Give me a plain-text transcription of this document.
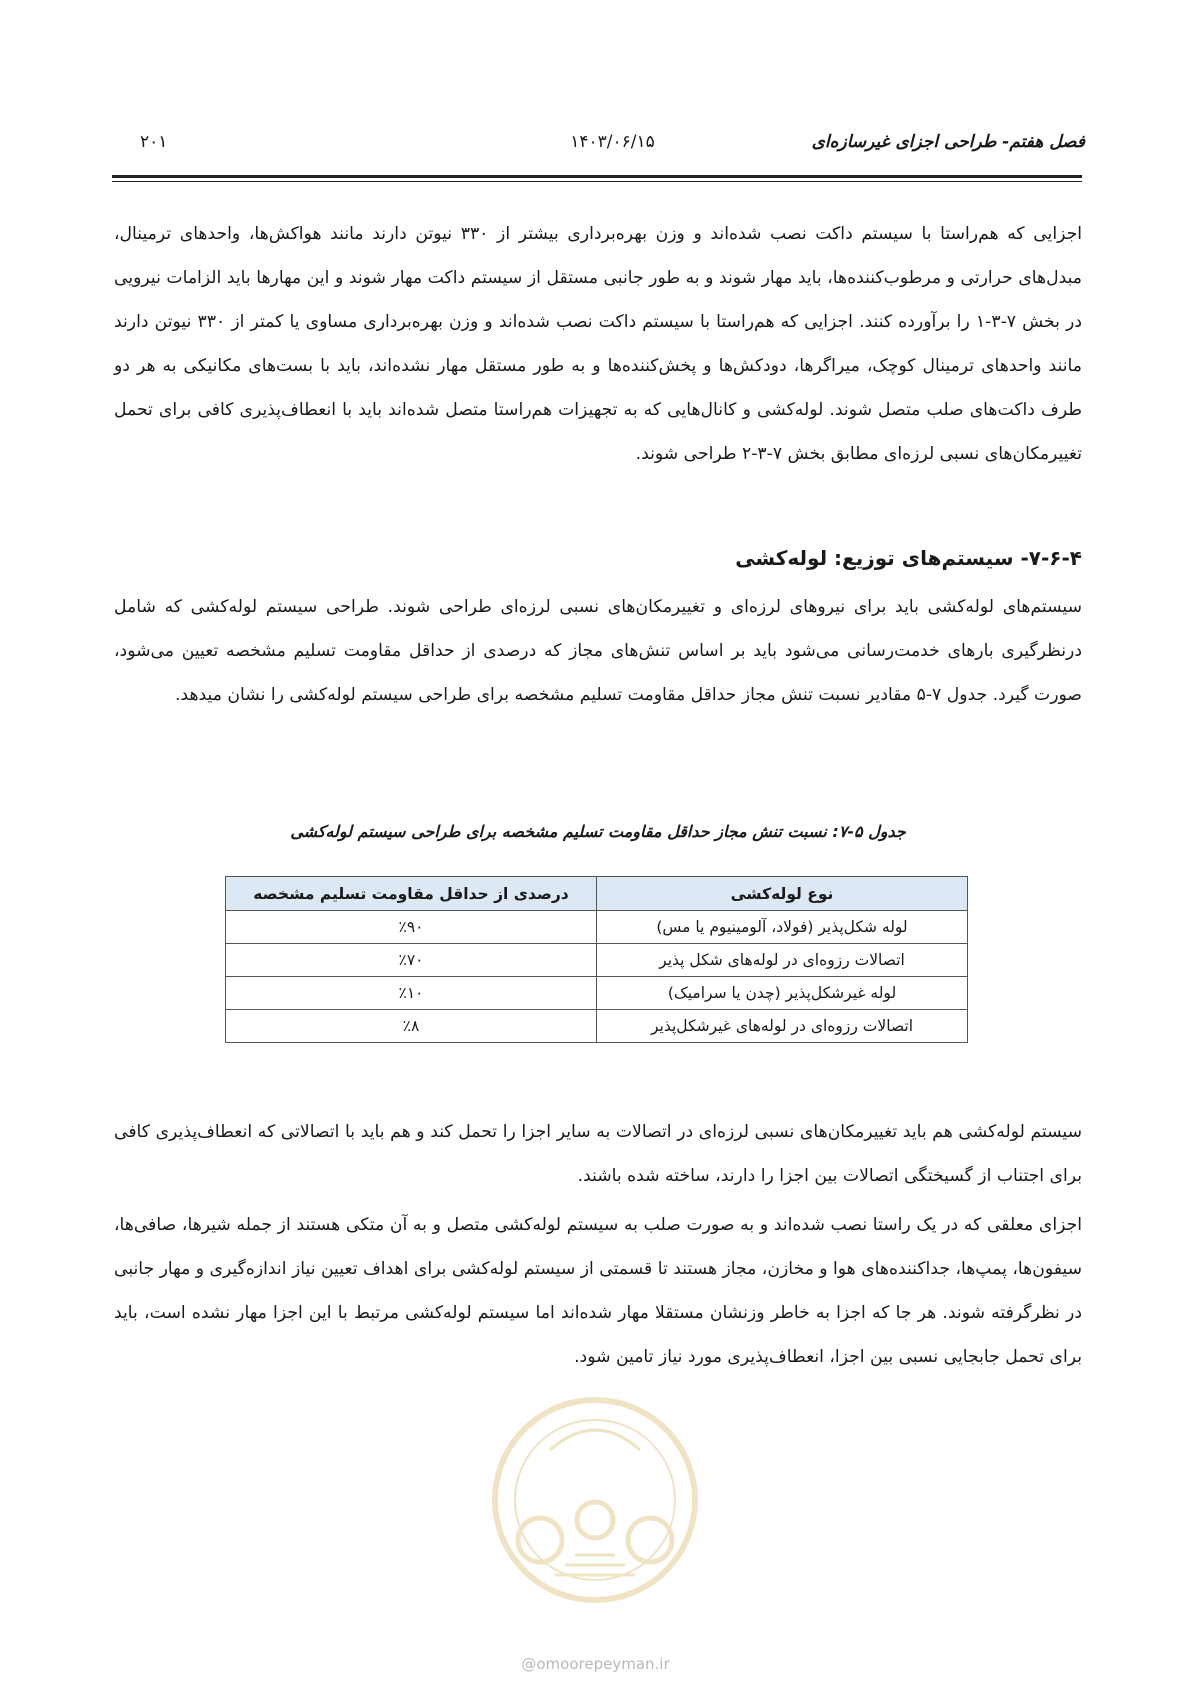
فصل هفتم- طراحی اجزای غیرسازه‌ای
۱۴۰۳/۰۶/۱۵
۲۰۱
اجزایی که هم‌راستا با سیستم داکت نصب شده‌اند و وزن بهره‌برداری بیشتر از ۳۳۰ نیوتن دارند مانند هواکش‌ها، واحدهای ترمینال، مبدل‌های حرارتی و مرطوب‌کننده‌ها، باید مهار شوند و به طور جانبی مستقل از سیستم داکت مهار شوند و این مهارها باید الزامات نیرویی در بخش ۷-۳-۱ را برآورده کنند. اجزایی که هم‌راستا با سیستم داکت نصب شده‌اند و وزن بهره‌برداری مساوی یا کمتر از ۳۳۰ نیوتن دارند مانند واحدهای ترمینال کوچک، میراگرها، دودکش‌ها و پخش‌کننده‌ها و به طور مستقل مهار نشده‌اند، باید با بست‌های مکانیکی به هر دو طرف داکت‌های صلب متصل شوند. لوله‌کشی و کانال‌هایی که به تجهیزات هم‌راستا متصل شده‌اند باید با انعطاف‌پذیری کافی برای تحمل تغییرمکان‌های نسبی لرزه‌ای مطابق بخش ۷-۳-۲ طراحی شوند.
۷-۶-۴- سیستم‌های توزیع: لوله‌کشی
سیستم‌های لوله‌کشی باید برای نیروهای لرزه‌ای و تغییرمکان‌های نسبی لرزه‌ای طراحی شوند. طراحی سیستم لوله‌کشی که شامل درنظرگیری بارهای خدمت‌رسانی می‌شود باید بر اساس تنش‌های مجاز که درصدی از حداقل مقاومت تسلیم مشخصه تعیین می‌شود، صورت گیرد. جدول ۷-۵ مقادیر نسبت تنش مجاز حداقل مقاومت تسلیم مشخصه برای طراحی سیستم لوله‌کشی را نشان میدهد.
جدول ۵-۷: نسبت تنش مجاز حداقل مقاومت تسلیم مشخصه برای طراحی سیستم لوله‌کشی
نوع لوله‌کشی	درصدی از حداقل مقاومت تسلیم مشخصه
لوله شکل‌پذیر (فولاد، آلومینیوم یا مس)	٪۹۰
اتصالات رزوه‌ای در لوله‌های شکل پذیر	٪۷۰
لوله غیرشکل‌پذیر (چدن یا سرامیک)	٪۱۰
اتصالات رزوه‌ای در لوله‌های غیرشکل‌پذیر	٪۸
سیستم لوله‌کشی هم باید تغییرمکان‌های نسبی لرزه‌ای در اتصالات به سایر اجزا را تحمل کند و هم باید با اتصالاتی که انعطاف‌پذیری کافی برای اجتناب از گسیختگی اتصالات بین اجزا را دارند، ساخته شده باشند.
اجزای معلقی که در یک راستا نصب شده‌اند و به صورت صلب به سیستم لوله‌کشی متصل و به آن متکی هستند از جمله شیرها، صافی‌ها، سیفون‌ها، پمپ‌ها، جداکننده‌های هوا و مخازن، مجاز هستند تا قسمتی از سیستم لوله‌کشی برای اهداف تعیین نیاز اندازه‌گیری و مهار جانبی در نظرگرفته شوند. هر جا که اجزا به خاطر وزنشان مستقلا مهار شده‌اند اما سیستم لوله‌کشی مرتبط با این اجزا مهار نشده است، باید برای تحمل جابجایی نسبی بین اجزا، انعطاف‌پذیری مورد نیاز تامین شود.
@omoorepeyman.ir
